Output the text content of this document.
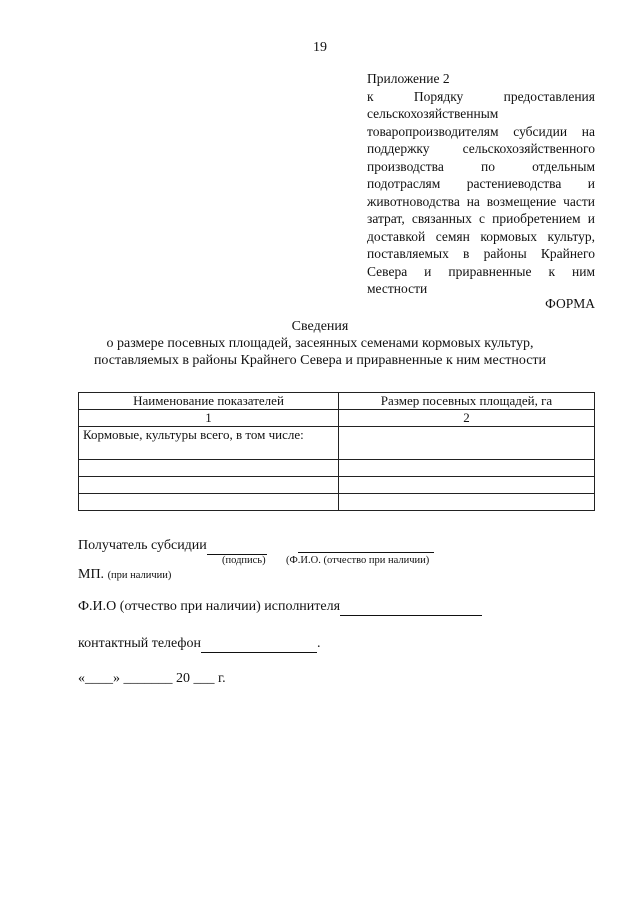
19
Приложение 2
к Порядку предоставления сельскохозяйственным товаропроизводителям субсидии на поддержку сельскохозяйственного производства по отдельным подотраслям растениеводства и животноводства на возмещение части затрат, связанных с приобретением и доставкой семян кормовых культур, поставляемых в районы Крайнего Севера и приравненные к ним местности
ФОРМА
Сведения
о размере посевных площадей, засеянных семенами кормовых культур,
поставляемых в районы Крайнего Севера и приравненные к ним местности
Наименование показателей	Размер посевных площадей, га
1	2
Кормовые, культуры всего, в том числе:	

Получатель субсидии
(подпись) (Ф.И.О. (отчество при наличии)
МП. (при наличии)
Ф.И.О (отчество при наличии) исполнителя
контактный телефон	.
«____» _______ 20 ___ г.
